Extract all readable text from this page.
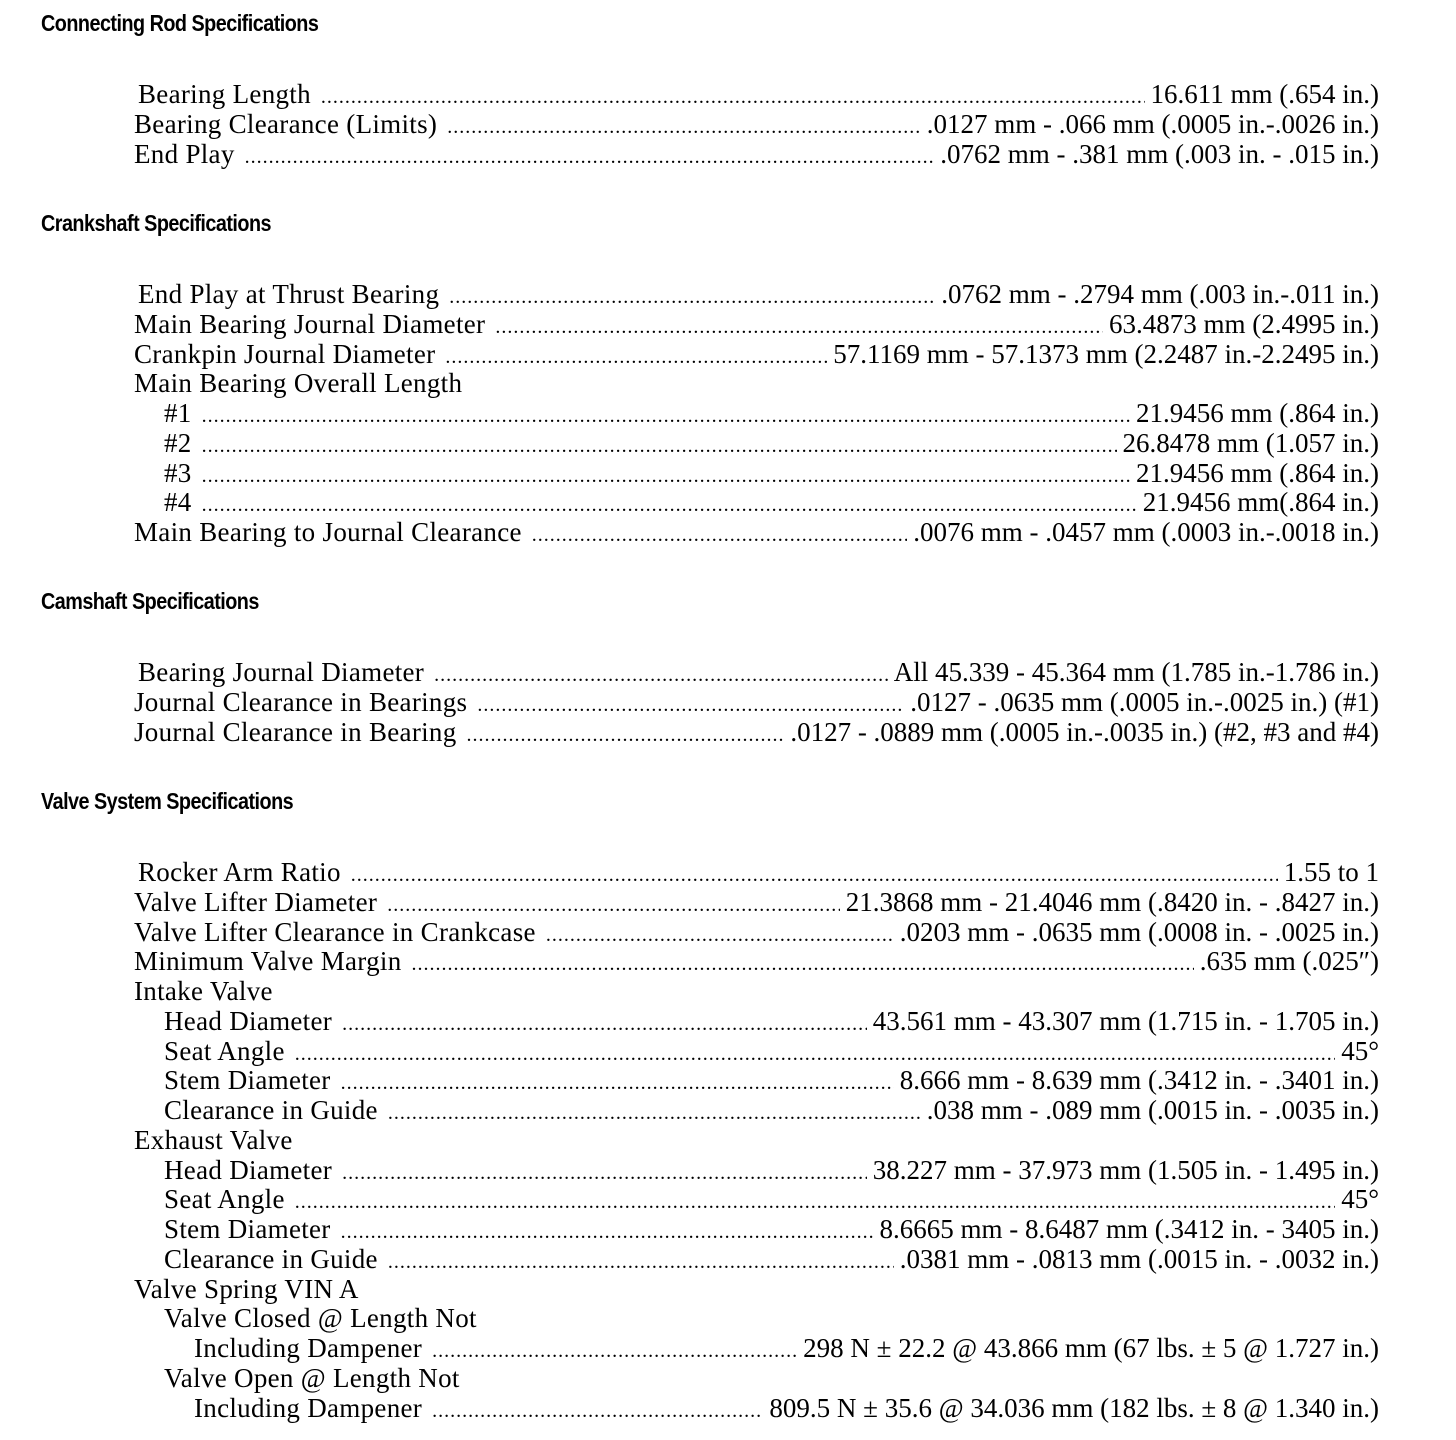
Connecting Rod Specifications
Bearing Length .....	16.611 mm (.654 in.)
Bearing Clearance (Limits) .....	.0127 mm - .066 mm (.0005 in.-.0026 in.)
End Play .....	.0762 mm - .381 mm (.003 in. - .015 in.)
Crankshaft Specifications
End Play at Thrust Bearing .....	.0762 mm - .2794 mm (.003 in.-.011 in.)
Main Bearing Journal Diameter .....	63.4873 mm (2.4995 in.)
Crankpin Journal Diameter .....	57.1169 mm - 57.1373 mm (2.2487 in.-2.2495 in.)
Main Bearing Overall Length
#1 .....	21.9456 mm (.864 in.)
#2 .....	26.8478 mm (1.057 in.)
#3 .....	21.9456 mm (.864 in.)
#4 .....	21.9456 mm(.864 in.)
Main Bearing to Journal Clearance .....	.0076 mm - .0457 mm (.0003 in.-.0018 in.)
Camshaft Specifications
Bearing Journal Diameter .....	All 45.339 - 45.364 mm (1.785 in.-1.786 in.)
Journal Clearance in Bearings .....	.0127 - .0635 mm (.0005 in.-.0025 in.) (#1)
Journal Clearance in Bearing .....	.0127 - .0889 mm (.0005 in.-.0035 in.) (#2, #3 and #4)
Valve System Specifications
Rocker Arm Ratio .....	1.55 to 1
Valve Lifter Diameter .....	21.3868 mm - 21.4046 mm (.8420 in. - .8427 in.)
Valve Lifter Clearance in Crankcase .....	.0203 mm - .0635 mm (.0008 in. - .0025 in.)
Minimum Valve Margin .....	.635 mm (.025″)
Intake Valve
Head Diameter .....	43.561 mm - 43.307 mm (1.715 in. - 1.705 in.)
Seat Angle .....	45°
Stem Diameter .....	8.666 mm - 8.639 mm (.3412 in. - .3401 in.)
Clearance in Guide .....	.038 mm - .089 mm (.0015 in. - .0035 in.)
Exhaust Valve
Head Diameter .....	38.227 mm - 37.973 mm (1.505 in. - 1.495 in.)
Seat Angle .....	45°
Stem Diameter .....	8.6665 mm - 8.6487 mm (.3412 in. - 3405 in.)
Clearance in Guide .....	.0381 mm - .0813 mm (.0015 in. - .0032 in.)
Valve Spring VIN A
Valve Closed @ Length Not
Including Dampener .....	298 N ± 22.2 @ 43.866 mm (67 lbs. ± 5 @ 1.727 in.)
Valve Open @ Length Not
Including Dampener .....	809.5 N ± 35.6 @ 34.036 mm (182 lbs. ± 8 @ 1.340 in.)
